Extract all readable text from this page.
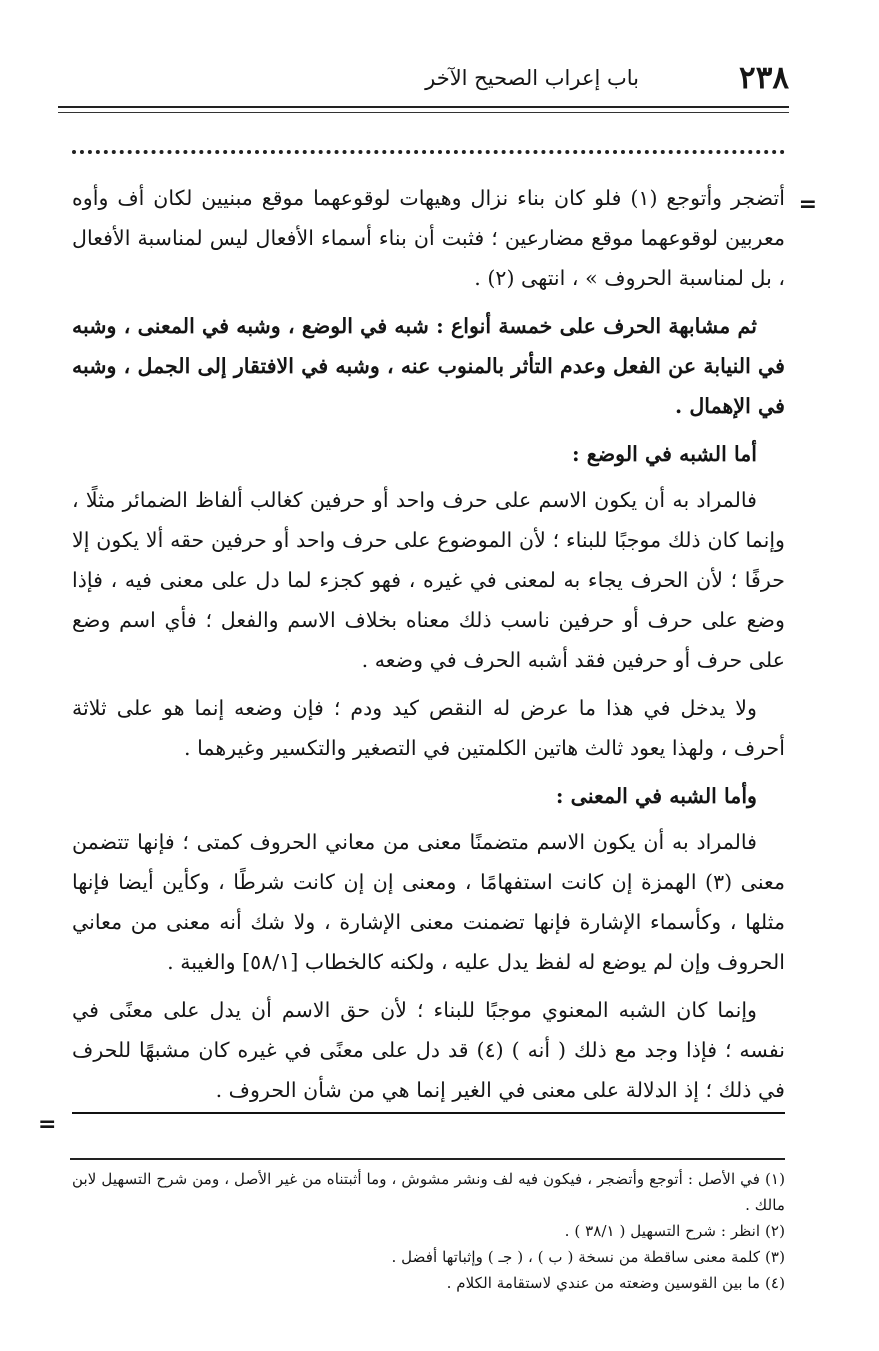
٢٣٨
باب إعراب الصحيح الآخر
=

أتضجر وأتوجع (١) فلو كان بناء نزال وهيهات لوقوعهما موقع مبنيين لكان أف وأوه معربين لوقوعهما موقع مضارعين ؛ فثبت أن بناء أسماء الأفعال ليس لمناسبة الأفعال ، بل لمناسبة الحروف » ، انتهى (٢) .

ثم مشابهة الحرف على خمسة أنواع : شبه في الوضع ، وشبه في المعنى ، وشبه في النيابة عن الفعل وعدم التأثر بالمنوب عنه ، وشبه في الافتقار إلى الجمل ، وشبه في الإهمال .

أما الشبه في الوضع :

فالمراد به أن يكون الاسم على حرف واحد أو حرفين كغالب ألفاظ الضمائر مثلًا ، وإنما كان ذلك موجبًا للبناء ؛ لأن الموضوع على حرف واحد أو حرفين حقه ألا يكون إلا حرفًا ؛ لأن الحرف يجاء به لمعنى في غيره ، فهو كجزء لما دل على معنى فيه ، فإذا وضع على حرف أو حرفين ناسب ذلك معناه بخلاف الاسم والفعل ؛ فأي اسم وضع على حرف أو حرفين فقد أشبه الحرف في وضعه .

ولا يدخل في هذا ما عرض له النقص كيد ودم ؛ فإن وضعه إنما هو على ثلاثة أحرف ، ولهذا يعود ثالث هاتين الكلمتين في التصغير والتكسير وغيرهما .

وأما الشبه في المعنى :

فالمراد به أن يكون الاسم متضمنًا معنى من معاني الحروف كمتى ؛ فإنها تتضمن معنى (٣) الهمزة إن كانت استفهامًا ، ومعنى إن إن كانت شرطًا ، وكأين أيضا فإنها مثلها ، وكأسماء الإشارة فإنها تضمنت معنى الإشارة ، ولا شك أنه معنى من معاني الحروف وإن لم يوضع له لفظ يدل عليه ، ولكنه كالخطاب [٥٨/١] والغيبة .

وإنما كان الشبه المعنوي موجبًا للبناء ؛ لأن حق الاسم أن يدل على معنًى في نفسه ؛ فإذا وجد مع ذلك ( أنه ) (٤) قد دل على معنًى في غيره كان مشبهًا للحرف في ذلك ؛ إذ الدلالة على معنى في الغير إنما هي من شأن الحروف .

=

(١) في الأصل : أتوجع وأتضجر ، فيكون فيه لف ونشر مشوش ، وما أثبتناه من غير الأصل ، ومن شرح التسهيل لابن مالك .

(٢) انظر : شرح التسهيل ( ٣٨/١ ) .

(٣) كلمة معنى ساقطة من نسخة ( ب ) ، ( جـ ) وإثباتها أفضل .

(٤) ما بين القوسين وضعته من عندي لاستقامة الكلام .
